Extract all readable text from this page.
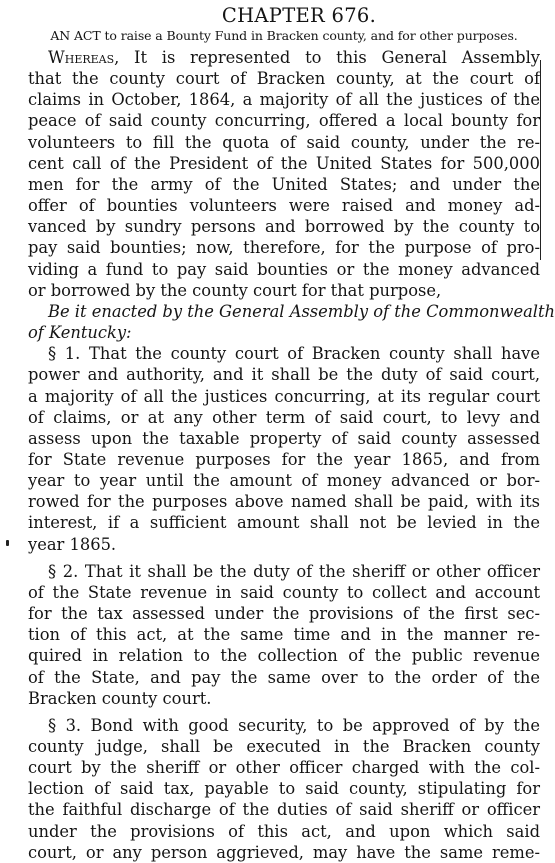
CHAPTER 676.

AN ACT to raise a Bounty Fund in Bracken county, and for other purposes.

Whereas, It is represented to this General Assembly
that the county court of Bracken county, at the court of
claims in October, 1864, a majority of all the justices of the
peace of said county concurring, offered a local bounty for
volunteers to fill the quota of said county, under the re-
cent call of the President of the United States for 500,000
men for the army of the United States; and under the
offer of bounties volunteers were raised and money ad-
vanced by sundry persons and borrowed by the county to
pay said bounties; now, therefore, for the purpose of pro-
viding a fund to pay said bounties or the money advanced
or borrowed by the county court for that purpose,
Be it enacted by the General Assembly of the Commonwealth
of Kentucky:
§ 1. That the county court of Bracken county shall have
power and authority, and it shall be the duty of said court,
a majority of all the justices concurring, at its regular court
of claims, or at any other term of said court, to levy and
assess upon the taxable property of said county assessed
for State revenue purposes for the year 1865, and from
year to year until the amount of money advanced or bor-
rowed for the purposes above named shall be paid, with its
interest, if a sufficient amount shall not be levied in the
year 1865.
§ 2. That it shall be the duty of the sheriff or other officer
of the State revenue in said county to collect and account
for the tax assessed under the provisions of the first sec-
tion of this act, at the same time and in the manner re-
quired in relation to the collection of the public revenue
of the State, and pay the same over to the order of the
Bracken county court.
§ 3. Bond with good security, to be approved of by the
county judge, shall be executed in the Bracken county
court by the sheriff or other officer charged with the col-
lection of said tax, payable to said county, stipulating for
the faithful discharge of the duties of said sheriff or officer
under the provisions of this act, and upon which said
court, or any person aggrieved, may have the same reme-
